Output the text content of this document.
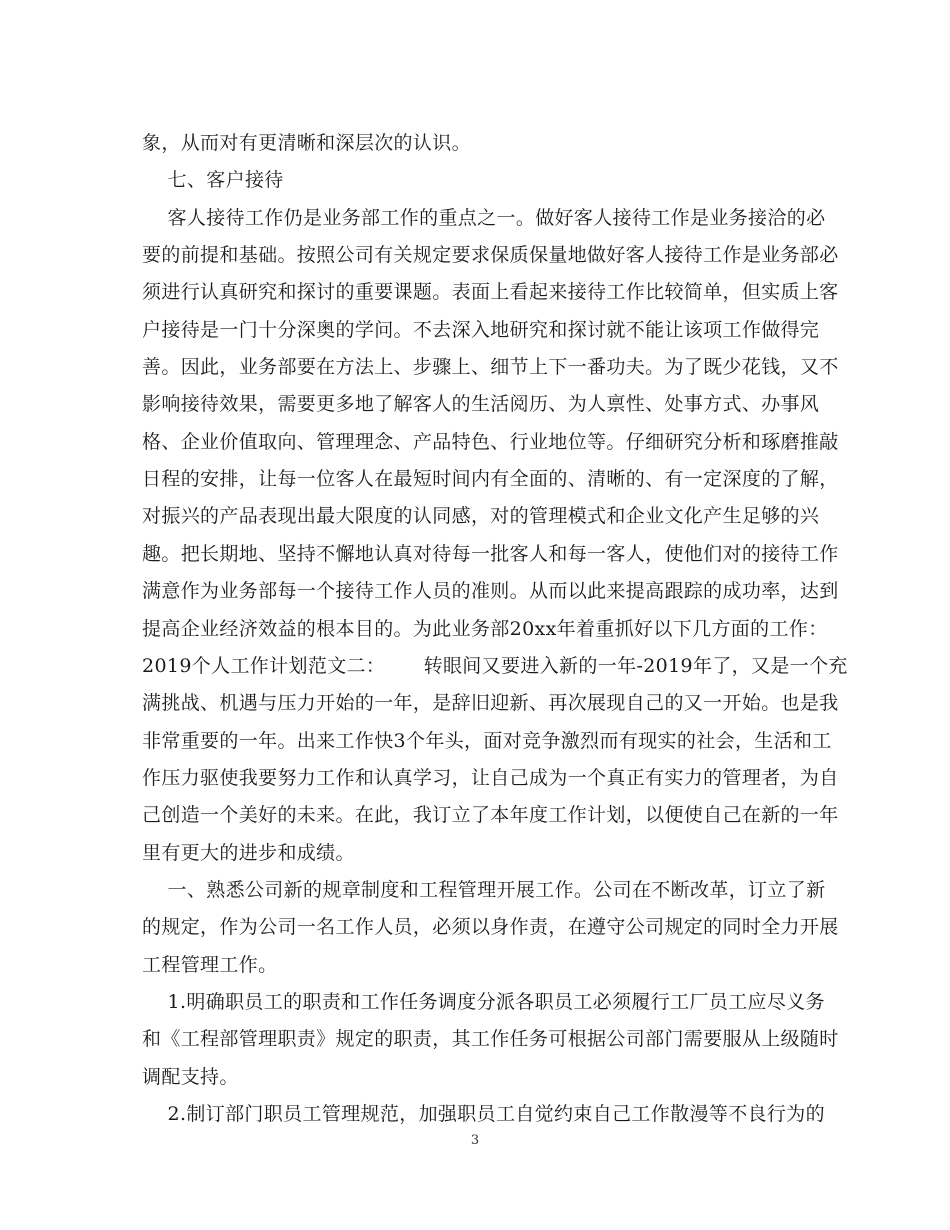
象，从而对有更清晰和深层次的认识。
七、客户接待
客人接待工作仍是业务部工作的重点之一。做好客人接待工作是业务接洽的必
要的前提和基础。按照公司有关规定要求保质保量地做好客人接待工作是业务部必
须进行认真研究和探讨的重要课题。表面上看起来接待工作比较简单，但实质上客
户接待是一门十分深奥的学问。不去深入地研究和探讨就不能让该项工作做得完
善。因此，业务部要在方法上、步骤上、细节上下一番功夫。为了既少花钱，又不
影响接待效果，需要更多地了解客人的生活阅历、为人禀性、处事方式、办事风
格、企业价值取向、管理理念、产品特色、行业地位等。仔细研究分析和琢磨推敲
日程的安排，让每一位客人在最短时间内有全面的、清晰的、有一定深度的了解，
对振兴的产品表现出最大限度的认同感，对的管理模式和企业文化产生足够的兴
趣。把长期地、坚持不懈地认真对待每一批客人和每一客人，使他们对的接待工作
满意作为业务部每一个接待工作人员的准则。从而以此来提高跟踪的成功率，达到
提高企业经济效益的根本目的。为此业务部20xx年着重抓好以下几方面的工作：
2019个人工作计划范文二：      转眼间又要进入新的一年-2019年了，又是一个充
满挑战、机遇与压力开始的一年，是辞旧迎新、再次展现自己的又一开始。也是我
非常重要的一年。出来工作快3个年头，面对竞争激烈而有现实的社会，生活和工
作压力驱使我要努力工作和认真学习，让自己成为一个真正有实力的管理者，为自
己创造一个美好的未来。在此，我订立了本年度工作计划，以便使自己在新的一年
里有更大的进步和成绩。
一、熟悉公司新的规章制度和工程管理开展工作。公司在不断改革，订立了新
的规定，作为公司一名工作人员，必须以身作责，在遵守公司规定的同时全力开展
工程管理工作。
1.明确职员工的职责和工作任务调度分派各职员工必须履行工厂员工应尽义务
和《工程部管理职责》规定的职责，其工作任务可根据公司部门需要服从上级随时
调配支持。
3
2.制订部门职员工管理规范，加强职员工自觉约束自己工作散漫等不良行为的
